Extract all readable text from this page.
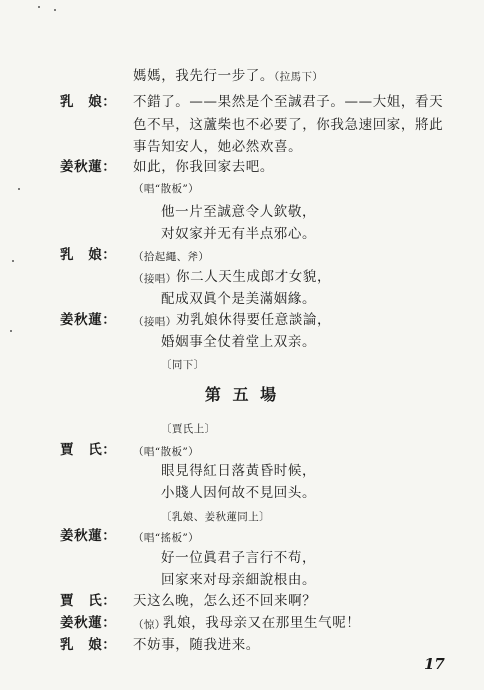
媽媽，我先行一步了。（拉馬下）
乳　娘： 不錯了。——果然是个至誠君子。——大姐，看天
色不早，这蘆柴也不必要了，你我急速回家，將此
事告知安人，她必然欢喜。
姜秋蓮： 如此，你我回家去吧。
（唱“散板”）
他一片至誠意令人欽敬，
对奴家并无有半点邪心。
乳　娘： （拾起繩、斧）
（接唱） 你二人天生成郎才女貌，
配成双眞个是美滿姻緣。
姜秋蓮： （接唱） 劝乳娘休得要任意談論，
婚姻事全仗着堂上双亲。
〔同下〕
第 五 場
〔賈氏上〕
賈　氏： （唱“散板”）
眼見得紅日落黃昏时候，
小賤人因何故不見回头。
〔乳娘、姜秋蓮同上〕
姜秋蓮： （唱“搖板”）
好一位眞君子言行不苟，
回家来对母亲細說根由。
賈　氏： 天这么晚，怎么还不回来啊？
姜秋蓮： （惊）
乳娘，我母亲又在那里生气呢！
乳　娘： 不妨事，随我进来。
17
